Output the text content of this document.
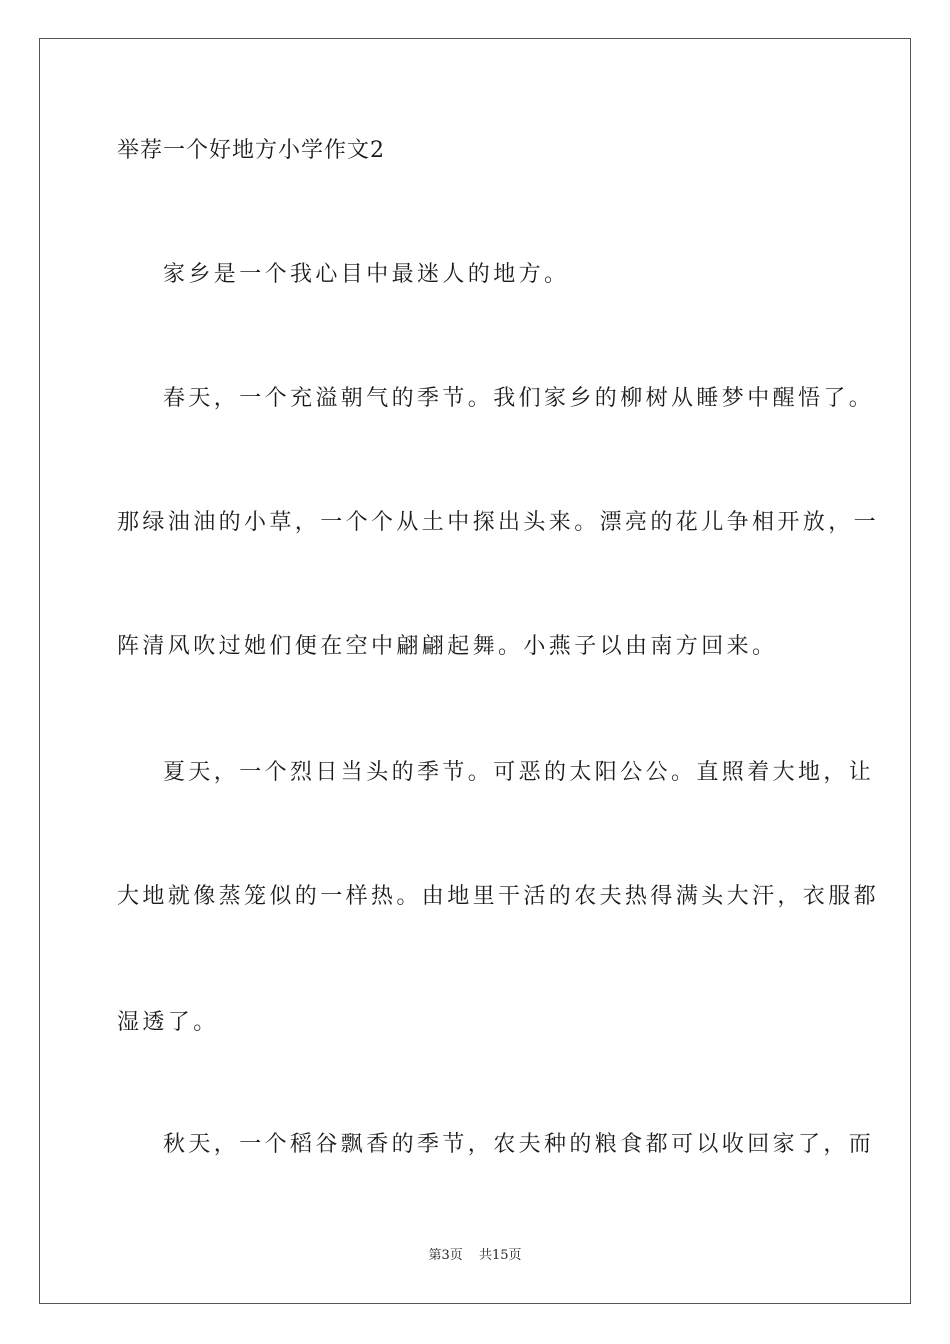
举荐一个好地方小学作文2
家乡是一个我心目中最迷人的地方。
春天，一个充溢朝气的季节。我们家乡的柳树从睡梦中醒悟了。
那绿油油的小草，一个个从土中探出头来。漂亮的花儿争相开放，一
阵清风吹过她们便在空中翩翩起舞。小燕子以由南方回来。
夏天，一个烈日当头的季节。可恶的太阳公公。直照着大地，让
大地就像蒸笼似的一样热。由地里干活的农夫热得满头大汗，衣服都
湿透了。
秋天，一个稻谷飘香的季节，农夫种的粮食都可以收回家了，而
第3页 共15页
